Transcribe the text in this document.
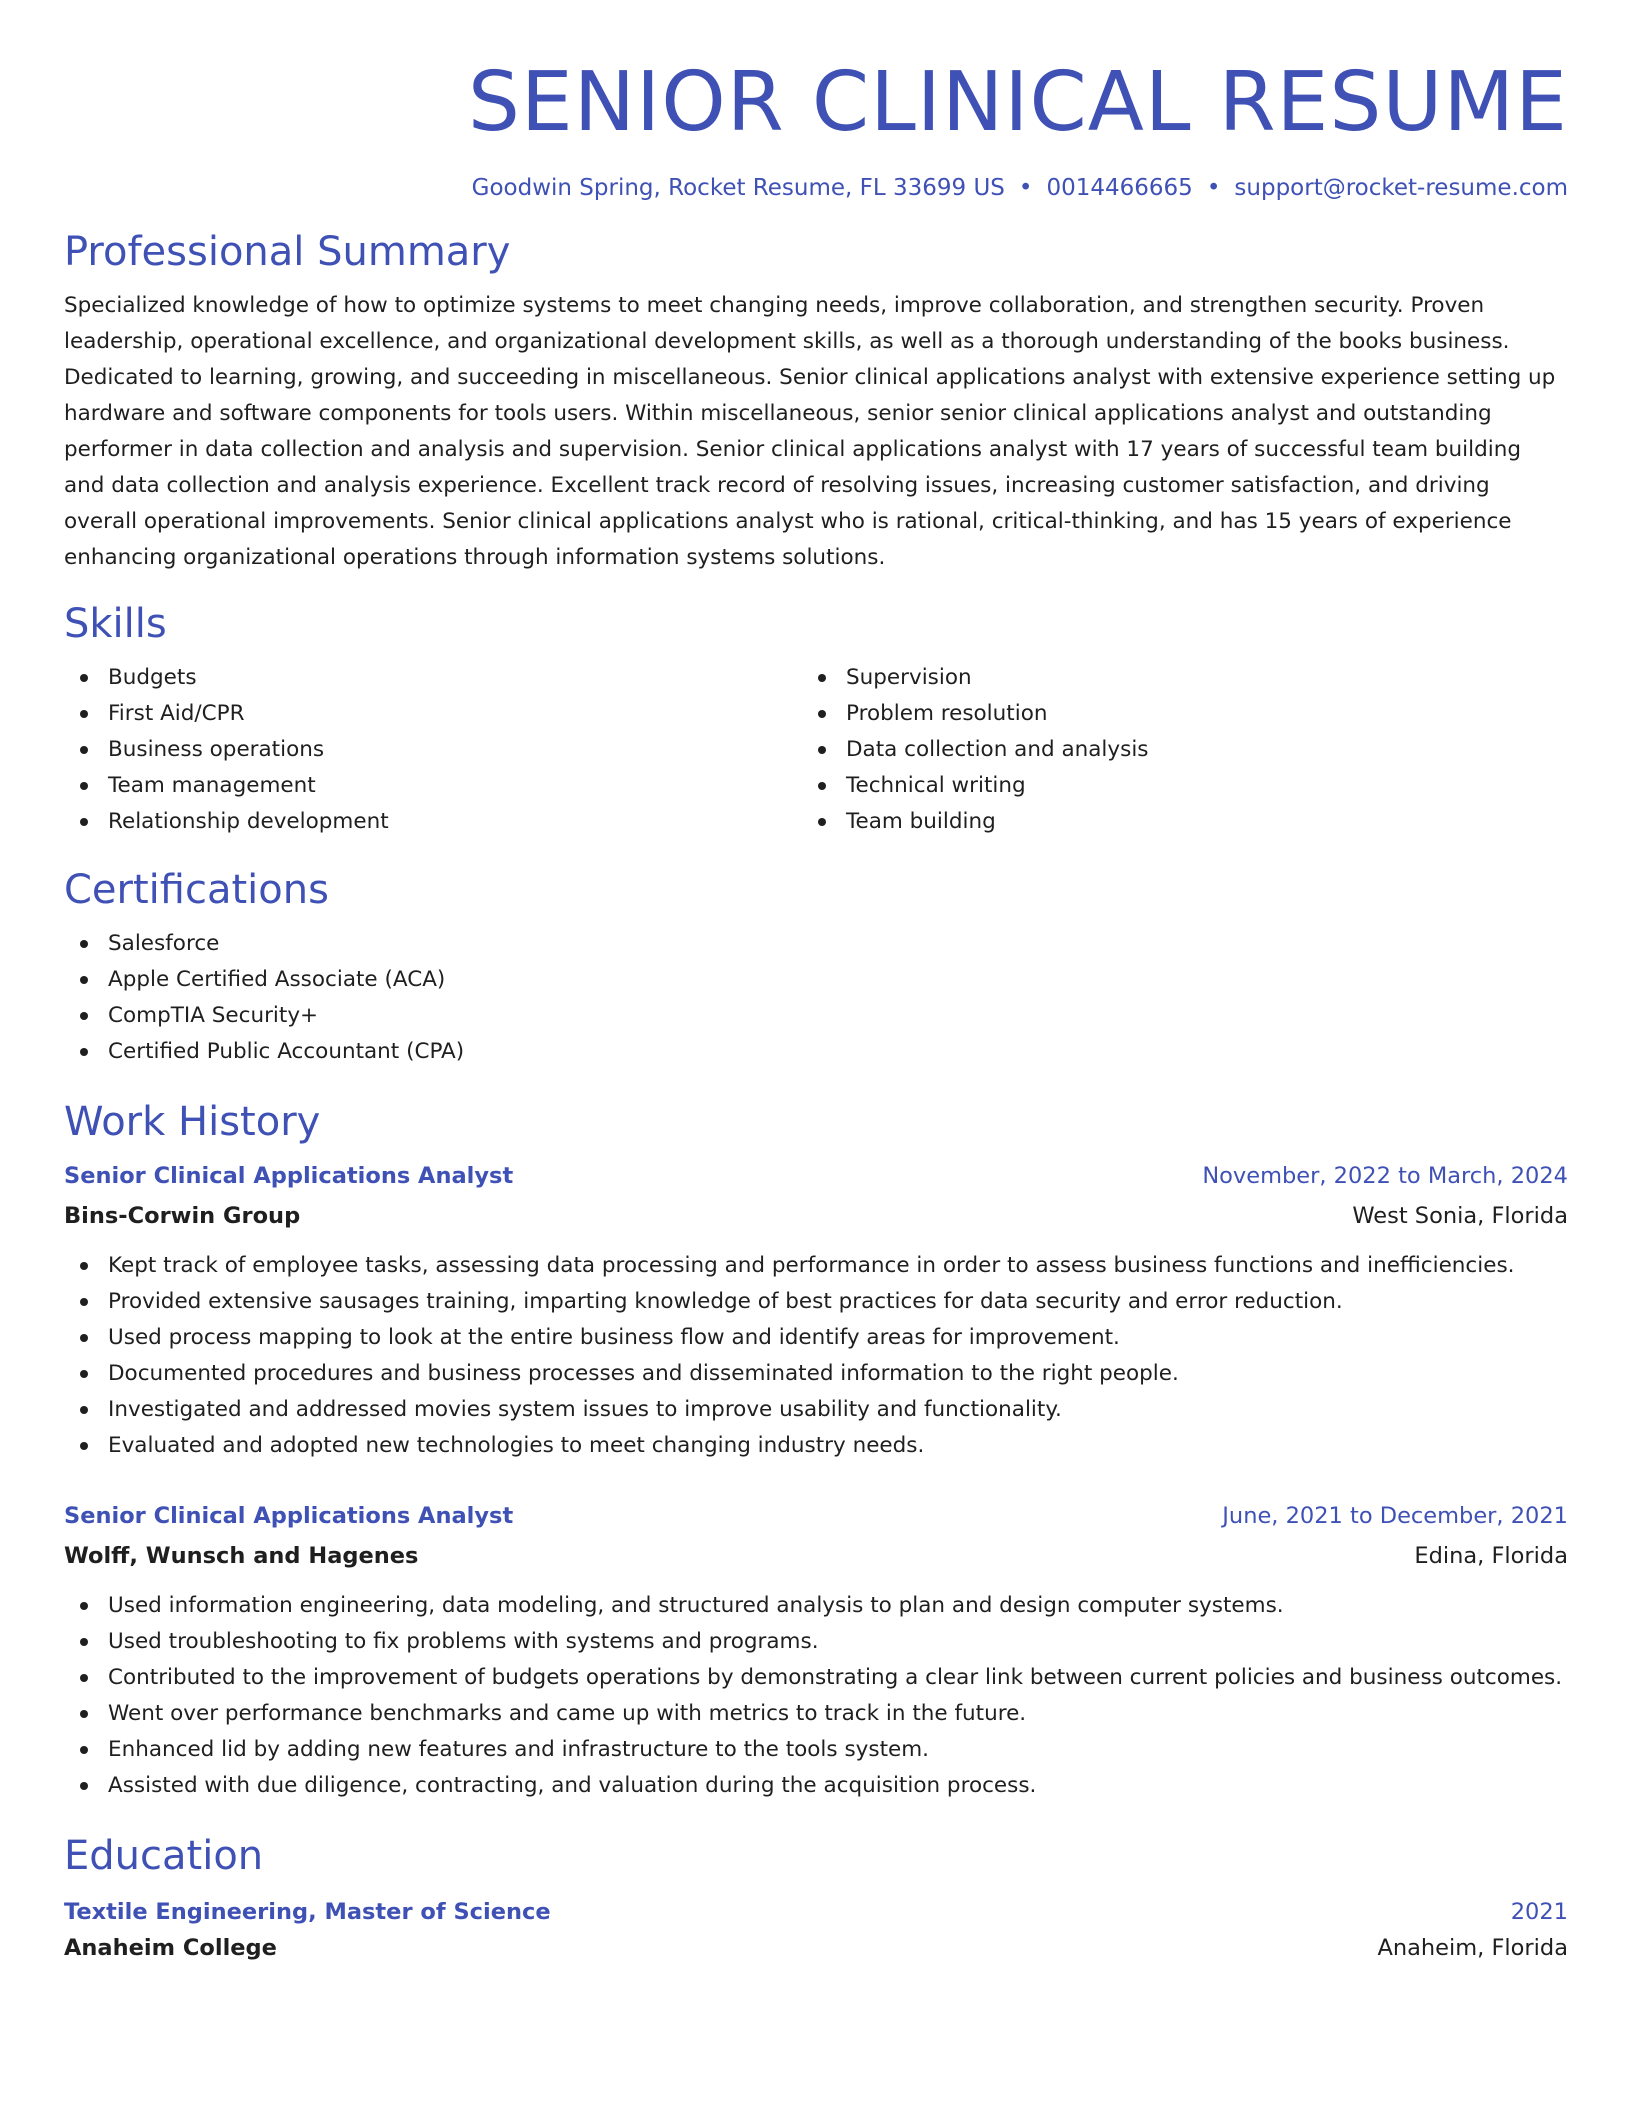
SENIOR CLINICAL RESUME
Goodwin Spring, Rocket Resume, FL 33699 US • 0014466665 • support@rocket-resume.com
Professional Summary

Specialized knowledge of how to optimize systems to meet changing needs, improve collaboration, and strengthen security. Proven leadership, operational excellence, and organizational development skills, as well as a thorough understanding of the books business. Dedicated to learning, growing, and succeeding in miscellaneous. Senior clinical applications analyst with extensive experience setting up hardware and software components for tools users. Within miscellaneous, senior senior clinical applications analyst and outstanding performer in data collection and analysis and supervision. Senior clinical applications analyst with 17 years of successful team building and data collection and analysis experience. Excellent track record of resolving issues, increasing customer satisfaction, and driving overall operational improvements. Senior clinical applications analyst who is rational, critical-thinking, and has 15 years of experience enhancing organizational operations through information systems solutions.

Skills
Budgets
First Aid/CPR
Business operations
Team management
Relationship development
Supervision
Problem resolution
Data collection and analysis
Technical writing
Team building
Certifications
Salesforce
Apple Certified Associate (ACA)
CompTIA Security+
Certified Public Accountant (CPA)
Work History
Senior Clinical Applications Analyst	November, 2022 to March, 2024
Bins-Corwin Group	West Sonia, Florida
Kept track of employee tasks, assessing data processing and performance in order to assess business functions and inefficiencies.
Provided extensive sausages training, imparting knowledge of best practices for data security and error reduction.
Used process mapping to look at the entire business flow and identify areas for improvement.
Documented procedures and business processes and disseminated information to the right people.
Investigated and addressed movies system issues to improve usability and functionality.
Evaluated and adopted new technologies to meet changing industry needs.
Senior Clinical Applications Analyst	June, 2021 to December, 2021
Wolff, Wunsch and Hagenes	Edina, Florida
Used information engineering, data modeling, and structured analysis to plan and design computer systems.
Used troubleshooting to fix problems with systems and programs.
Contributed to the improvement of budgets operations by demonstrating a clear link between current policies and business outcomes.
Went over performance benchmarks and came up with metrics to track in the future.
Enhanced lid by adding new features and infrastructure to the tools system.
Assisted with due diligence, contracting, and valuation during the acquisition process.
Education
Textile Engineering, Master of Science	2021
Anaheim College	Anaheim, Florida
